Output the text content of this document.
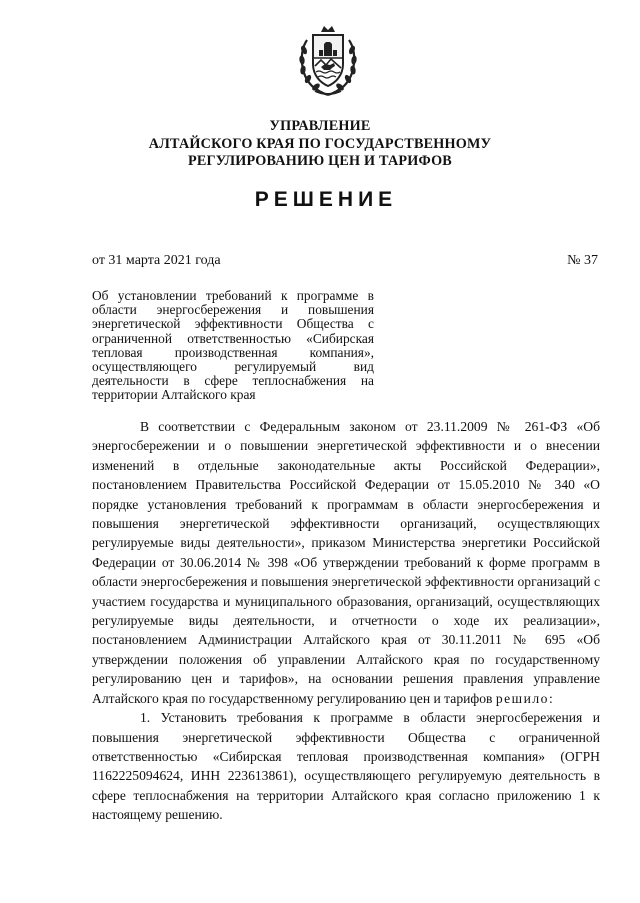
УПРАВЛЕНИЕ
АЛТАЙСКОГО КРАЯ ПО ГОСУДАРСТВЕННОМУ
РЕГУЛИРОВАНИЮ ЦЕН И ТАРИФОВ
РЕШЕНИЕ
от 31 марта 2021 года	№ 37
Об установлении требований к программе в области энергосбережения и повышения энергетической эффективности Общества с ограниченной ответственностью «Сибирская тепловая производственная компания», осуществляющего регулируемый вид деятельности в сфере теплоснабжения на территории Алтайского края

В соответствии с Федеральным законом от 23.11.2009 № 261-ФЗ «Об энергосбережении и о повышении энергетической эффективности и о внесении изменений в отдельные законодательные акты Российской Федерации», постановлением Правительства Российской Федерации от 15.05.2010 № 340 «О порядке установления требований к программам в области энергосбережения и повышения энергетической эффективности организаций, осуществляющих регулируемые виды деятельности», приказом Министерства энергетики Российской Федерации от 30.06.2014 № 398 «Об утверждении требований к форме программ в области энергосбережения и повышения энергетической эффективности организаций с участием государства и муниципального образования, организаций, осуществляющих регулируемые виды деятельности, и отчетности о ходе их реализации», постановлением Администрации Алтайского края от 30.11.2011 № 695 «Об утверждении положения об управлении Алтайского края по государственному регулированию цен и тарифов», на основании решения правления управление Алтайского края по государственному регулированию цен и тарифов решило:

1. Установить требования к программе в области энергосбережения и повышения энергетической эффективности Общества с ограниченной ответственностью «Сибирская тепловая производственная компания» (ОГРН 1162225094624, ИНН 223613861), осуществляющего регулируемую деятельность в сфере теплоснабжения на территории Алтайского края согласно приложению 1 к настоящему решению.
